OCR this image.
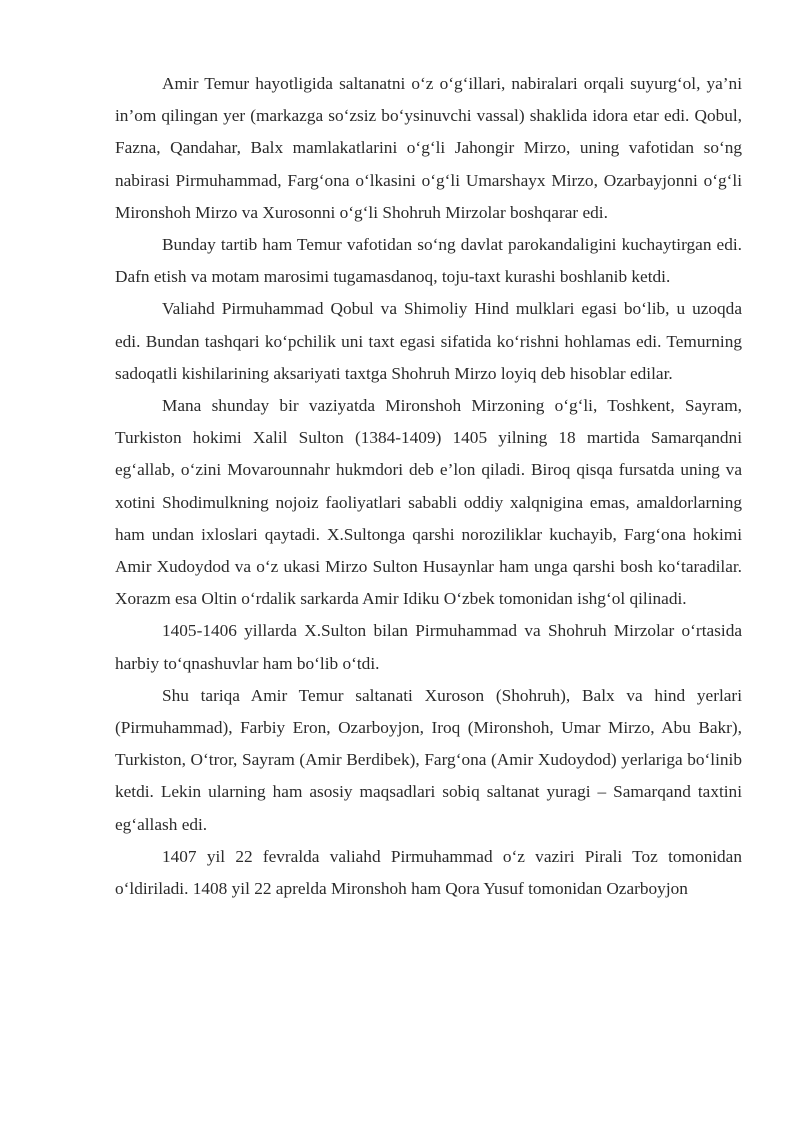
Amir Temur hayotligida saltanatni o‘z o‘g‘illari, nabiralari orqali suyurg‘ol, ya’ni in’om qilingan yer (markazga so‘zsiz bo‘ysinuvchi vassal) shaklida idora etar edi. Qobul, Fazna, Qandahar, Balx mamlakatlarini o‘g‘li Jahongir Mirzo, uning vafotidan so‘ng nabirasi Pirmuhammad, Farg‘ona o‘lkasini o‘g‘li Umarshayx Mirzo, Ozarbayjonni o‘g‘li Mironshoh Mirzo va Xurosonni o‘g‘li Shohruh Mirzolar boshqarar edi.

Bunday tartib ham Temur vafotidan so‘ng davlat parokandaligini kuchaytirgan edi. Dafn etish va motam marosimi tugamasdanoq, toju-taxt kurashi boshlanib ketdi.

Valiahd Pirmuhammad Qobul va Shimoliy Hind mulklari egasi bo‘lib, u uzoqda edi. Bundan tashqari ko‘pchilik uni taxt egasi sifatida ko‘rishni hohlamas edi. Temurning sadoqatli kishilarining aksariyati taxtga Shohruh Mirzo loyiq deb hisoblar edilar.

Mana shunday bir vaziyatda Mironshoh Mirzoning o‘g‘li, Toshkent, Sayram, Turkiston hokimi Xalil Sulton (1384-1409) 1405 yilning 18 martida Samarqandni eg‘allab, o‘zini Movarounnahr hukmdori deb e’lon qiladi. Biroq qisqa fursatda uning va xotini Shodimulkning nojoiz faoliyatlari sababli oddiy xalqnigina emas, amaldorlarning ham undan ixloslari qaytadi. X.Sultonga qarshi noroziliklar kuchayib, Farg‘ona hokimi Amir Xudoydod va o‘z ukasi Mirzo Sulton Husaynlar ham unga qarshi bosh ko‘taradilar. Xorazm esa Oltin o‘rdalik sarkarda Amir Idiku O‘zbek tomonidan ishg‘ol qilinadi.

1405-1406 yillarda X.Sulton bilan Pirmuhammad va Shohruh Mirzolar o‘rtasida harbiy to‘qnashuvlar ham bo‘lib o‘tdi.

Shu tariqa Amir Temur saltanati Xuroson (Shohruh), Balx va hind yerlari (Pirmuhammad), Farbiy Eron, Ozarboyjon, Iroq (Mironshoh, Umar Mirzo, Abu Bakr), Turkiston, O‘tror, Sayram (Amir Berdibek), Farg‘ona (Amir Xudoydod) yerlariga bo‘linib ketdi. Lekin ularning ham asosiy maqsadlari sobiq saltanat yuragi – Samarqand taxtini eg‘allash edi.

1407 yil 22 fevralda valiahd Pirmuhammad o‘z vaziri Pirali Toz tomonidan o‘ldiriladi. 1408 yil 22 aprelda Mironshoh ham Qora Yusuf tomonidan Ozarboyjon
